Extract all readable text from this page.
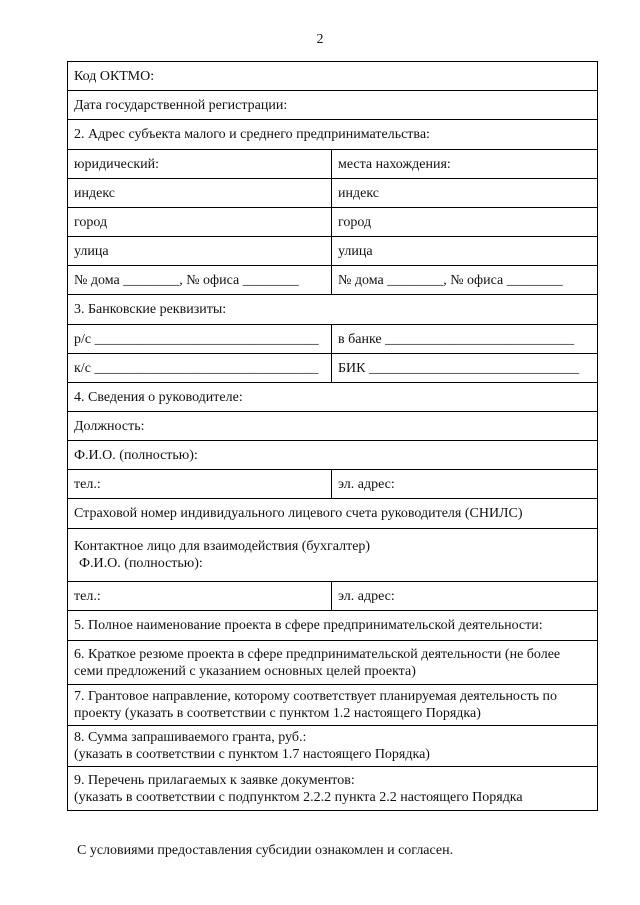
2
Код ОКТМО:	
Дата государственной регистрации:	
2. Адрес субъекта малого и среднего предпринимательства:	
юридический:	места нахождения:
индекс	индекс
город	город
улица	улица
№ дома ________, № офиса ________	№ дома ________, № офиса ________
3. Банковские реквизиты:	
р/с ________________________________	в банке ___________________________
к/с ________________________________	БИК ______________________________
4. Сведения о руководителе:	
Должность:	
Ф.И.О. (полностью):	
тел.:	эл. адрес:
Страховой номер индивидуального лицевого счета руководителя (СНИЛС)	

Контактное лицо для взаимодействия (бухгалтер)
Ф.И.О. (полностью):	

тел.:	эл. адрес:
5. Полное наименование проекта в сфере предпринимательской деятельности:	
6. Краткое резюме проекта в сфере предпринимательской деятельности (не более семи предложений с указанием основных целей проекта)	
7. Грантовое направление, которому соответствует планируемая деятельность по проекту (указать в соответствии с пунктом 1.2 настоящего Порядка)	

8. Сумма запрашиваемого гранта, руб.:
(указать в соответствии с пунктом 1.7 настоящего Порядка)	

9. Перечень прилагаемых к заявке документов:
(указать в соответствии с подпунктом 2.2.2 пункта 2.2 настоящего Порядка	
С условиями предоставления субсидии ознакомлен и согласен.
